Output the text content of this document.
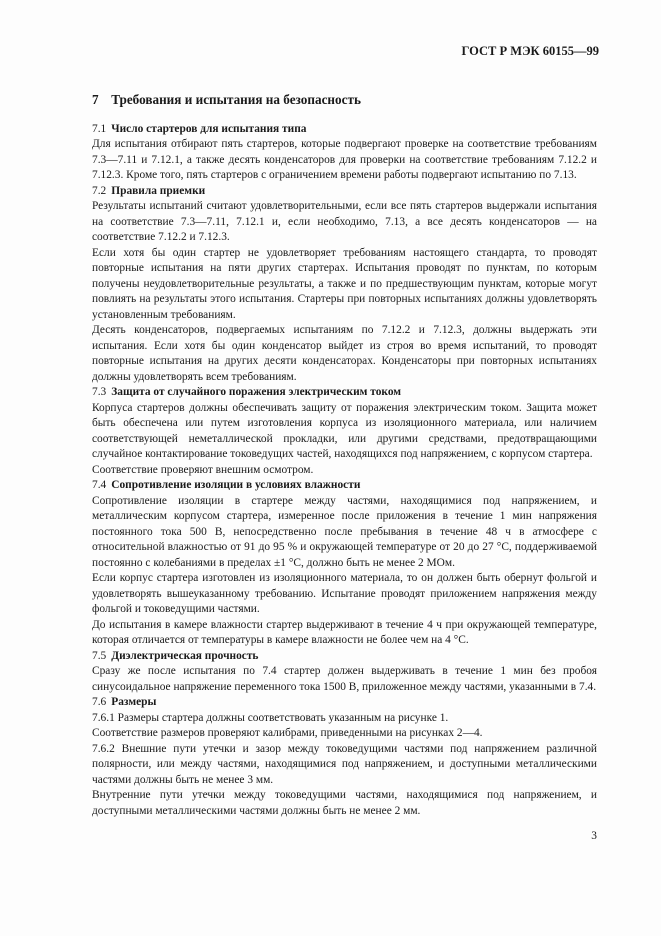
ГОСТ Р МЭК 60155—99
7 Требования и испытания на безопасность
7.1 Число стартеров для испытания типа

Для испытания отбирают пять стартеров, которые подвергают проверке на соответствие требованиям 7.3—7.11 и 7.12.1, а также десять конденсаторов для проверки на соответствие требованиям 7.12.2 и 7.12.3. Кроме того, пять стартеров с ограничением времени работы подвергают испытанию по 7.13.

7.2 Правила приемки

Результаты испытаний считают удовлетворительными, если все пять стартеров выдержали испытания на соответствие 7.3—7.11, 7.12.1 и, если необходимо, 7.13, а все десять конденсаторов — на соответствие 7.12.2 и 7.12.3.

Если хотя бы один стартер не удовлетворяет требованиям настоящего стандарта, то проводят повторные испытания на пяти других стартерах. Испытания проводят по пунктам, по которым получены неудовлетворительные результаты, а также и по предшествующим пунктам, которые могут повлиять на результаты этого испытания. Стартеры при повторных испытаниях должны удовлетворять установленным требованиям.

Десять конденсаторов, подвергаемых испытаниям по 7.12.2 и 7.12.3, должны выдержать эти испытания. Если хотя бы один конденсатор выйдет из строя во время испытаний, то проводят повторные испытания на других десяти конденсаторах. Конденсаторы при повторных испытаниях должны удовлетворять всем требованиям.

7.3 Защита от случайного поражения электрическим током

Корпуса стартеров должны обеспечивать защиту от поражения электрическим током. Защита может быть обеспечена или путем изготовления корпуса из изоляционного материала, или наличием соответствующей неметаллической прокладки, или другими средствами, предотвращающими случайное контактирование токоведущих частей, находящихся под напряжением, с корпусом стартера.

Соответствие проверяют внешним осмотром.

7.4 Сопротивление изоляции в условиях влажности

Сопротивление изоляции в стартере между частями, находящимися под напряжением, и металлическим корпусом стартера, измеренное после приложения в течение 1 мин напряжения постоянного тока 500 В, непосредственно после пребывания в течение 48 ч в атмосфере с относительной влажностью от 91 до 95 % и окружающей температуре от 20 до 27 °С, поддерживаемой постоянно с колебаниями в пределах ±1 °С, должно быть не менее 2 МОм.

Если корпус стартера изготовлен из изоляционного материала, то он должен быть обернут фольгой и удовлетворять вышеуказанному требованию. Испытание проводят приложением напряжения между фольгой и токоведущими частями.

До испытания в камере влажности стартер выдерживают в течение 4 ч при окружающей температуре, которая отличается от температуры в камере влажности не более чем на 4 °С.

7.5 Диэлектрическая прочность

Сразу же после испытания по 7.4 стартер должен выдерживать в течение 1 мин без пробоя синусоидальное напряжение переменного тока 1500 В, приложенное между частями, указанными в 7.4.

7.6 Размеры

7.6.1 Размеры стартера должны соответствовать указанным на рисунке 1.

Соответствие размеров проверяют калибрами, приведенными на рисунках 2—4.

7.6.2 Внешние пути утечки и зазор между токоведущими частями под напряжением различной полярности, или между частями, находящимися под напряжением, и доступными металлическими частями должны быть не менее 3 мм.

Внутренние пути утечки между токоведущими частями, находящимися под напряжением, и доступными металлическими частями должны быть не менее 2 мм.

3
